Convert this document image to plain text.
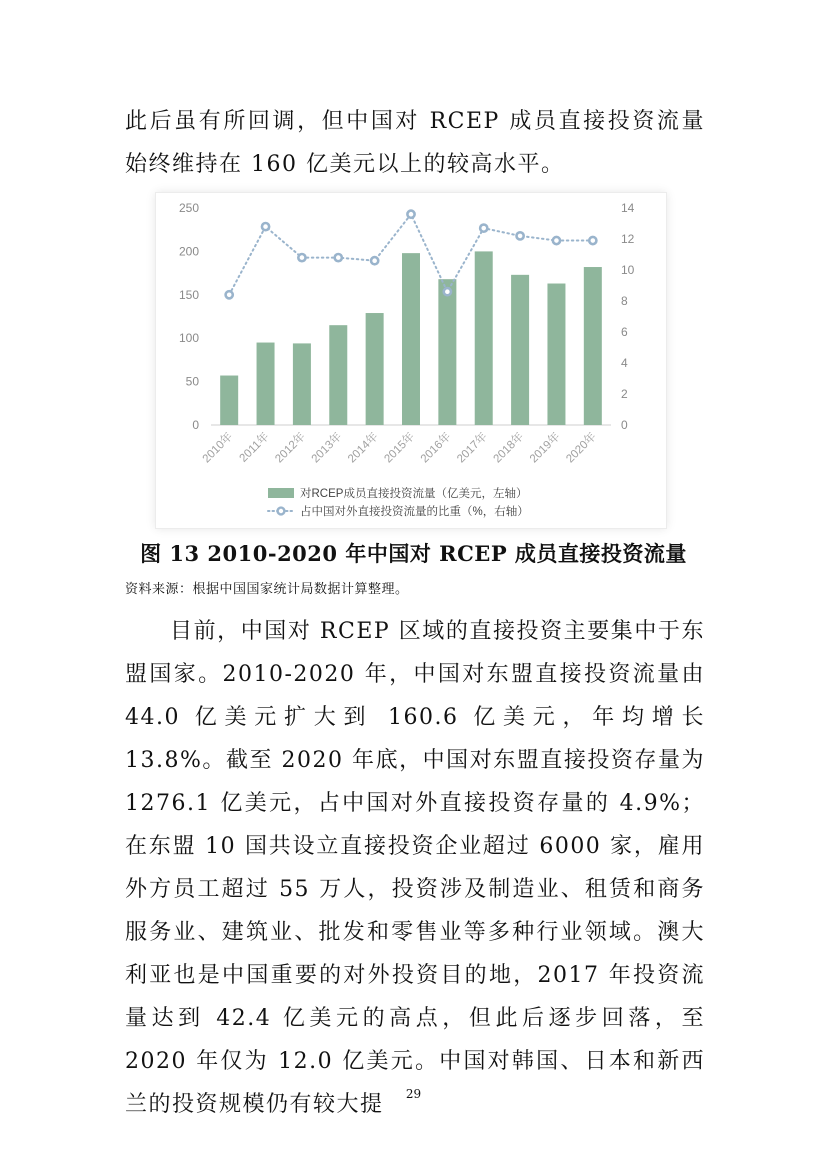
此后虽有所回调，但中国对 RCEP 成员直接投资流量始终维持在 160 亿美元以上的较高水平。

0
50
100
150
200
250
0
2
4
6
8
10
12
14
2010年 2011年 2012年 2013年 2014年 2015年 2016年 2017年 2018年 2019年 2020年
对RCEP成员直接投资流量（亿美元，左轴）
占中国对外直接投资流量的比重（%，右轴）
图 13 2010-2020 年中国对 RCEP 成员直接投资流量
资料来源：根据中国国家统计局数据计算整理。

目前，中国对 RCEP 区域的直接投资主要集中于东盟国家。2010-2020 年，中国对东盟直接投资流量由 44.0 亿美元扩大到 160.6 亿美元，年均增长 13.8%。截至 2020 年底，中国对东盟直接投资存量为 1276.1 亿美元，占中国对外直接投资存量的 4.9%；在东盟 10 国共设立直接投资企业超过 6000 家，雇用外方员工超过 55 万人，投资涉及制造业、租赁和商务服务业、建筑业、批发和零售业等多种行业领域。澳大利亚也是中国重要的对外投资目的地，2017 年投资流量达到 42.4 亿美元的高点，但此后逐步回落，至 2020 年仅为 12.0 亿美元。中国对韩国、日本和新西兰的投资规模仍有较大提	29
